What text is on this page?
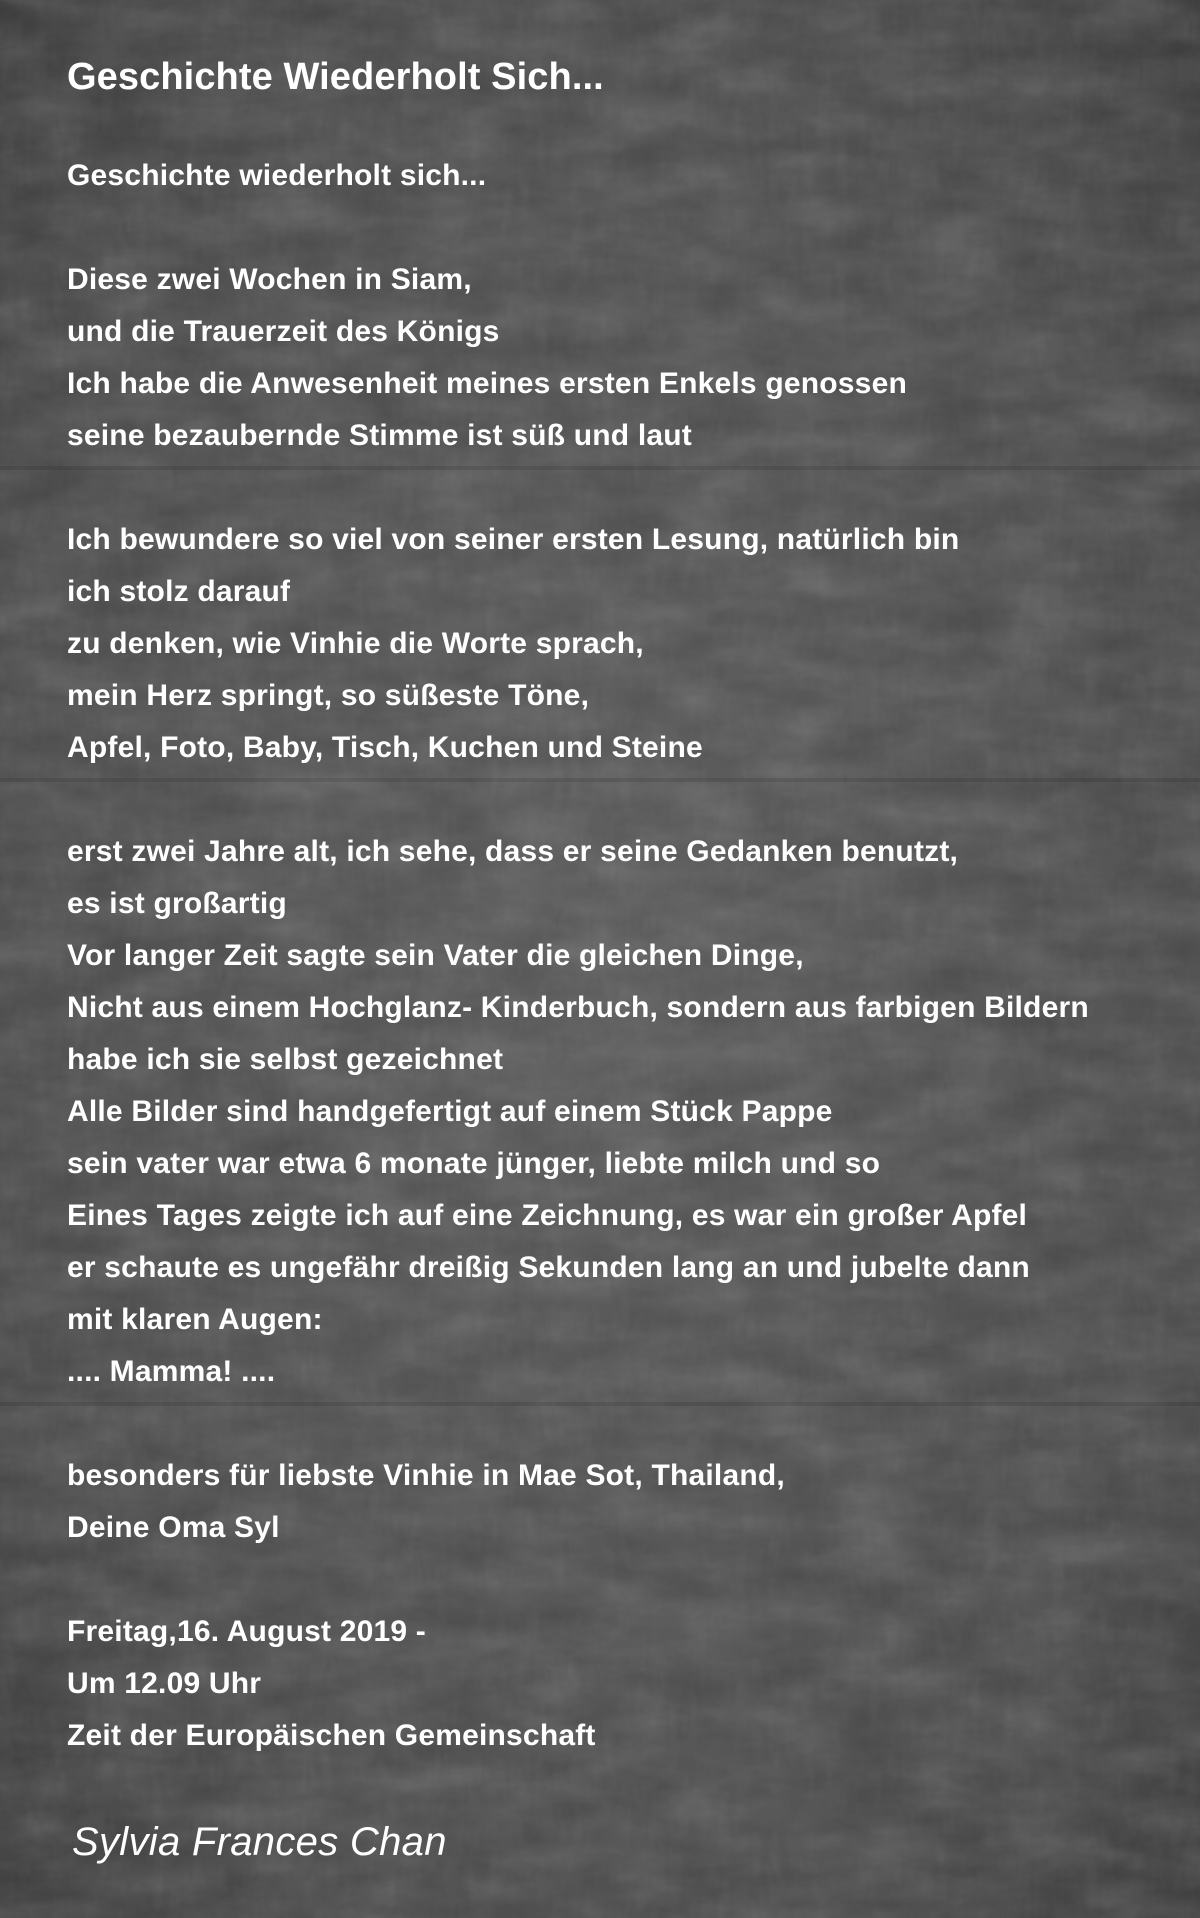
Geschichte Wiederholt Sich...
Geschichte wiederholt sich...
Diese zwei Wochen in Siam,
und die Trauerzeit des Königs
Ich habe die Anwesenheit meines ersten Enkels genossen
seine bezaubernde Stimme ist süß und laut
Ich bewundere so viel von seiner ersten Lesung, natürlich bin
ich stolz darauf
zu denken, wie Vinhie die Worte sprach,
mein Herz springt, so süßeste Töne,
Apfel, Foto, Baby, Tisch, Kuchen und Steine
erst zwei Jahre alt, ich sehe, dass er seine Gedanken benutzt,
es ist großartig
Vor langer Zeit sagte sein Vater die gleichen Dinge,
Nicht aus einem Hochglanz- Kinderbuch, sondern aus farbigen Bildern
habe ich sie selbst gezeichnet
Alle Bilder sind handgefertigt auf einem Stück Pappe
sein vater war etwa 6 monate jünger, liebte milch und so
Eines Tages zeigte ich auf eine Zeichnung, es war ein großer Apfel
er schaute es ungefähr dreißig Sekunden lang an und jubelte dann
mit klaren Augen:
.... Mamma! ....
besonders für liebste Vinhie in Mae Sot, Thailand,
Deine Oma Syl
Freitag,16. August 2019 -
Um 12.09 Uhr
Zeit der Europäischen Gemeinschaft
Sylvia Frances Chan
